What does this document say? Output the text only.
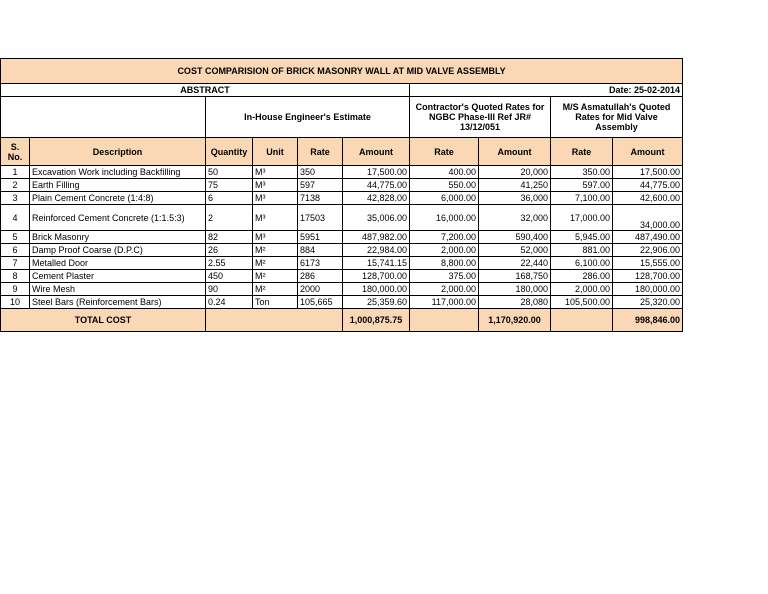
COST COMPARISION OF BRICK MASONRY WALL AT MID VALVE ASSEMBLY									
ABSTRACT						Date: 25-02-2014			
		In-House Engineer's Estimate				Contractor's Quoted Rates for NGBC Phase-III Ref JR# 13/12/051		M/S Asmatullah's Quoted Rates for Mid Valve Assembly	
S. No.	Description	Quantity	Unit	Rate	Amount	Rate	Amount	Rate	Amount
1	Excavation Work including Backfilling	50	M³	350	17,500.00	400.00	20,000	350.00	17,500.00
2	Earth Filling	75	M³	597	44,775.00	550.00	41,250	597.00	44,775.00
3	Plain Cement Concrete (1:4:8)	6	M³	7138	42,828.00	6,000.00	36,000	7,100.00	42,600.00
4	Reinforced Cement Concrete (1:1.5:3)	2	M³	17503	35,006.00	16,000.00	32,000	17,000.00	34,000.00
5	Brick Masonry	82	M³	5951	487,982.00	7,200.00	590,400	5,945.00	487,490.00
6	Damp Proof Coarse (D.P.C)	26	M²	884	22,984.00	2,000.00	52,000	881.00	22,906.00
7	Metalled Door	2.55	M²	6173	15,741.15	8,800.00	22,440	6,100.00	15,555.00
8	Cement Plaster	450	M²	286	128,700.00	375.00	168,750	286.00	128,700.00
9	Wire Mesh	90	M²	2000	180,000.00	2,000.00	180,000	2,000.00	180,000.00
10	Steel Bars (Reinforcement Bars)	0.24	Ton	105,665	25,359.60	117,000.00	28,080	105,500.00	25,320.00
TOTAL COST					1,000,875.75		1,170,920.00		998,846.00
